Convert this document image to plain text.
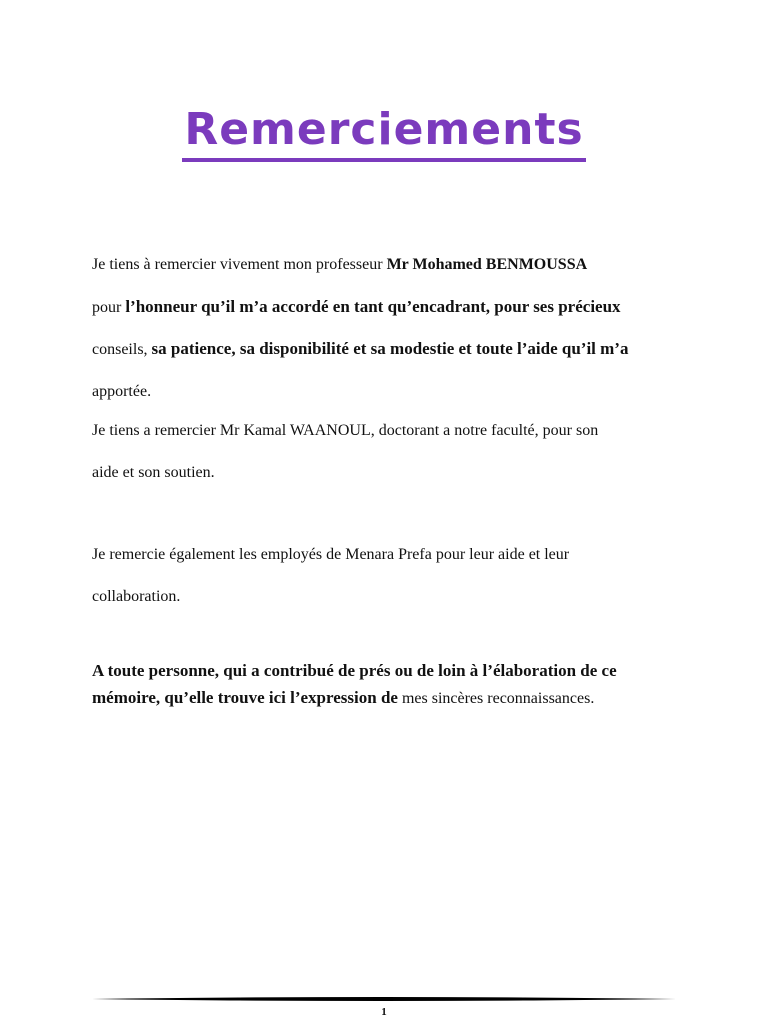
Remerciements
Je tiens à remercier vivement mon professeur Mr Mohamed BENMOUSSA
pour l’honneur qu’il m’a accordé en tant qu’encadrant, pour ses précieux
conseils, sa patience, sa disponibilité et sa modestie et toute l’aide qu’il m’a
apportée.
Je tiens a remercier Mr Kamal WAANOUL, doctorant a notre faculté, pour son
aide et son soutien.
Je remercie également les employés de Menara Prefa pour leur aide et leur
collaboration.
A toute personne, qui a contribué de prés ou de loin à l’élaboration de ce
mémoire, qu’elle trouve ici l’expression de mes sincères reconnaissances.
1
